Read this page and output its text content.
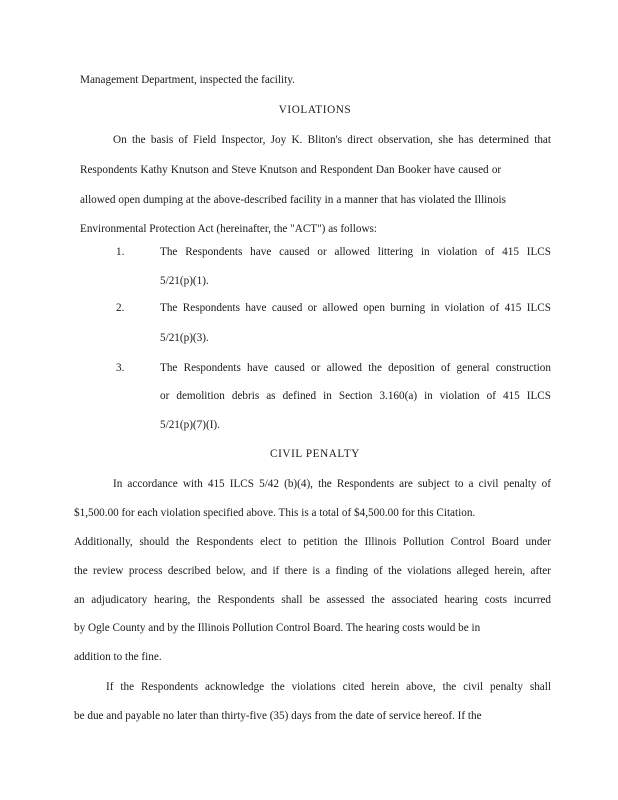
Management Department, inspected the facility.
VIOLATIONS
On the basis of Field Inspector, Joy K. Bliton's direct observation, she has determined that
Respondents Kathy Knutson and Steve Knutson and Respondent Dan Booker have caused or
allowed open dumping at the above-described facility in a manner that has violated the Illinois
Environmental Protection Act (hereinafter, the "ACT") as follows:
1.	The Respondents have caused or allowed littering in violation of 415 ILCS
5/21(p)(1).
2.	The Respondents have caused or allowed open burning in violation of 415 ILCS
5/21(p)(3).
3.	The Respondents have caused or allowed the deposition of general construction
or demolition debris as defined in Section 3.160(a) in violation of 415 ILCS
5/21(p)(7)(I).
CIVIL PENALTY
In accordance with 415 ILCS 5/42 (b)(4), the Respondents are subject to a civil penalty of
$1,500.00 for each violation specified above. This is a total of $4,500.00 for this Citation.
Additionally, should the Respondents elect to petition the Illinois Pollution Control Board under
the review process described below, and if there is a finding of the violations alleged herein, after
an adjudicatory hearing, the Respondents shall be assessed the associated hearing costs incurred
by Ogle County and by the Illinois Pollution Control Board. The hearing costs would be in
addition to the fine.
If the Respondents acknowledge the violations cited herein above, the civil penalty shall
be due and payable no later than thirty-five (35) days from the date of service hereof. If the
